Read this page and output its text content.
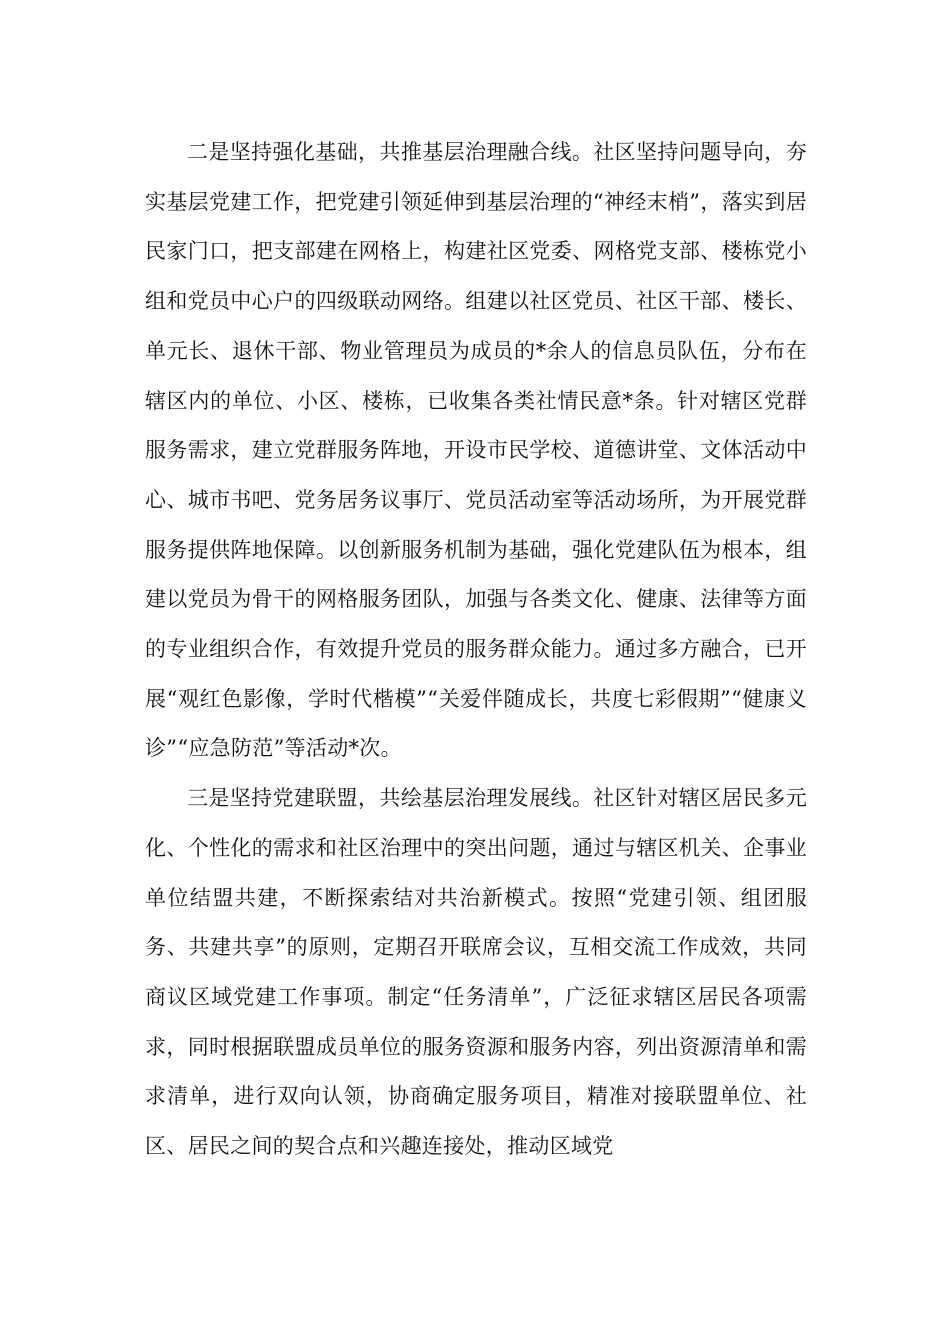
二是坚持强化基础，共推基层治理融合线。社区坚持问题导向，夯实基层党建工作，把党建引领延伸到基层治理的“神经末梢”，落实到居民家门口，把支部建在网格上，构建社区党委、网格党支部、楼栋党小组和党员中心户的四级联动网络。组建以社区党员、社区干部、楼长、单元长、退休干部、物业管理员为成员的*余人的信息员队伍，分布在辖区内的单位、小区、楼栋，已收集各类社情民意*条。针对辖区党群服务需求，建立党群服务阵地，开设市民学校、道德讲堂、文体活动中心、城市书吧、党务居务议事厅、党员活动室等活动场所，为开展党群服务提供阵地保障。以创新服务机制为基础，强化党建队伍为根本，组建以党员为骨干的网格服务团队，加强与各类文化、健康、法律等方面的专业组织合作，有效提升党员的服务群众能力。通过多方融合，已开展“观红色影像，学时代楷模”“关爱伴随成长，共度七彩假期”“健康义诊”“应急防范”等活动*次。

三是坚持党建联盟，共绘基层治理发展线。社区针对辖区居民多元化、个性化的需求和社区治理中的突出问题，通过与辖区机关、企事业单位结盟共建，不断探索结对共治新模式。按照“党建引领、组团服务、共建共享”的原则，定期召开联席会议，互相交流工作成效，共同商议区域党建工作事项。制定“任务清单”，广泛征求辖区居民各项需求，同时根据联盟成员单位的服务资源和服务内容，列出资源清单和需求清单，进行双向认领，协商确定服务项目，精准对接联盟单位、社区、居民之间的契合点和兴趣连接处，推动区域党
